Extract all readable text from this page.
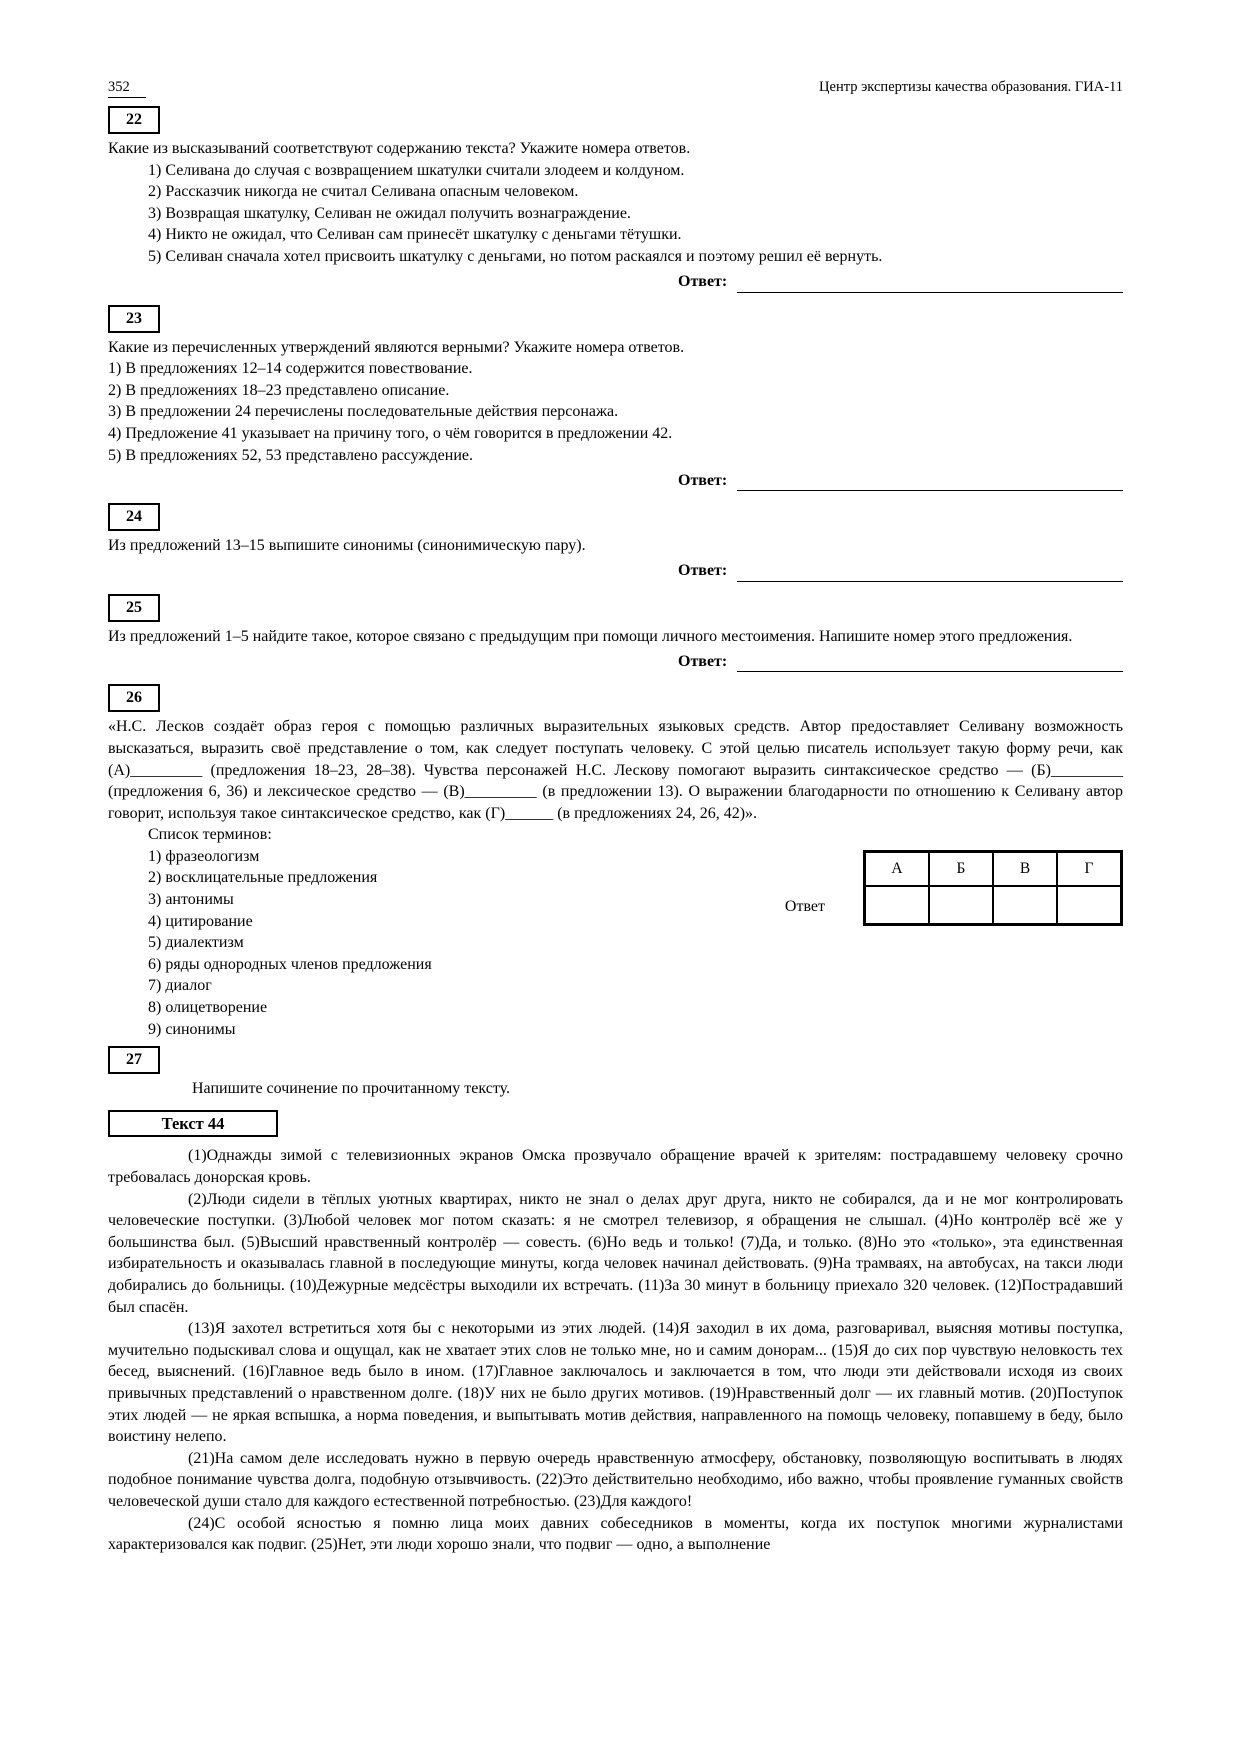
352	Центр экспертизы качества образования. ГИА-11
22

Какие из высказываний соответствуют содержанию текста? Укажите номера ответов.

1) Селивана до случая с возвращением шкатулки считали злодеем и колдуном.

2) Рассказчик никогда не считал Селивана опасным человеком.

3) Возвращая шкатулку, Селиван не ожидал получить вознаграждение.

4) Никто не ожидал, что Селиван сам принесёт шкатулку с деньгами тётушки.

5) Селиван сначала хотел присвоить шкатулку с деньгами, но потом раскаялся и поэтому решил её вернуть.

Ответ:
23

Какие из перечисленных утверждений являются верными? Укажите номера ответов.

1) В предложениях 12–14 содержится повествование.

2) В предложениях 18–23 представлено описание.

3) В предложении 24 перечислены последовательные действия персонажа.

4) Предложение 41 указывает на причину того, о чём говорится в предложении 42.

5) В предложениях 52, 53 представлено рассуждение.

Ответ:
24

Из предложений 13–15 выпишите синонимы (синонимическую пару).

Ответ:
25

Из предложений 1–5 найдите такое, которое связано с предыдущим при помощи личного местоимения. Напишите номер этого предложения.

Ответ:
26

«Н.С. Лесков создаёт образ героя с помощью различных выразительных языковых средств. Автор предоставляет Селивану возможность высказаться, выразить своё представление о том, как следует поступать человеку. С этой целью писатель использует такую форму речи, как (А)_________ (предложения 18–23, 28–38). Чувства персонажей Н.С. Лескову помогают выразить синтаксическое средство — (Б)_________ (предложения 6, 36) и лексическое средство — (В)_________ (в предложении 13). О выражении благодарности по отношению к Селивану автор говорит, используя такое синтаксическое средство, как (Г)______ (в предложениях 24, 26, 42)».

Список терминов:

1) фразеологизм

2) восклицательные предложения

3) антонимы

4) цитирование

5) диалектизм

6) ряды однородных членов предложения

7) диалог

8) олицетворение

9) синонимы

Ответ
А	Б	В	Г

27

Напишите сочинение по прочитанному тексту.

Текст 44

(1)Однажды зимой с телевизионных экранов Омска прозвучало обращение врачей к зрителям: пострадавшему человеку срочно требовалась донорская кровь.

(2)Люди сидели в тёплых уютных квартирах, никто не знал о делах друг друга, никто не собирался, да и не мог контролировать человеческие поступки. (3)Любой человек мог потом сказать: я не смотрел телевизор, я обращения не слышал. (4)Но контролёр всё же у большинства был. (5)Высший нравственный контролёр — совесть. (6)Но ведь и только! (7)Да, и только. (8)Но это «только», эта единственная избирательность и оказывалась главной в последующие минуты, когда человек начинал действовать. (9)На трамваях, на автобусах, на такси люди добирались до больницы. (10)Дежурные медсёстры выходили их встречать. (11)За 30 минут в больницу приехало 320 человек. (12)Пострадавший был спасён.

(13)Я захотел встретиться хотя бы с некоторыми из этих людей. (14)Я заходил в их дома, разговаривал, выясняя мотивы поступка, мучительно подыскивал слова и ощущал, как не хватает этих слов не только мне, но и самим донорам... (15)Я до сих пор чувствую неловкость тех бесед, выяснений. (16)Главное ведь было в ином. (17)Главное заключалось и заключается в том, что люди эти действовали исходя из своих привычных представлений о нравственном долге. (18)У них не было других мотивов. (19)Нравственный долг — их главный мотив. (20)Поступок этих людей — не яркая вспышка, а норма поведения, и выпытывать мотив действия, направленного на помощь человеку, попавшему в беду, было воистину нелепо.

(21)На самом деле исследовать нужно в первую очередь нравственную атмосферу, обстановку, позволяющую воспитывать в людях подобное понимание чувства долга, подобную отзывчивость. (22)Это действительно необходимо, ибо важно, чтобы проявление гуманных свойств человеческой души стало для каждого естественной потребностью. (23)Для каждого!

(24)С особой ясностью я помню лица моих давних собеседников в моменты, когда их поступок многими журналистами характеризовался как подвиг. (25)Нет, эти люди хорошо знали, что подвиг — одно, а выполнение
